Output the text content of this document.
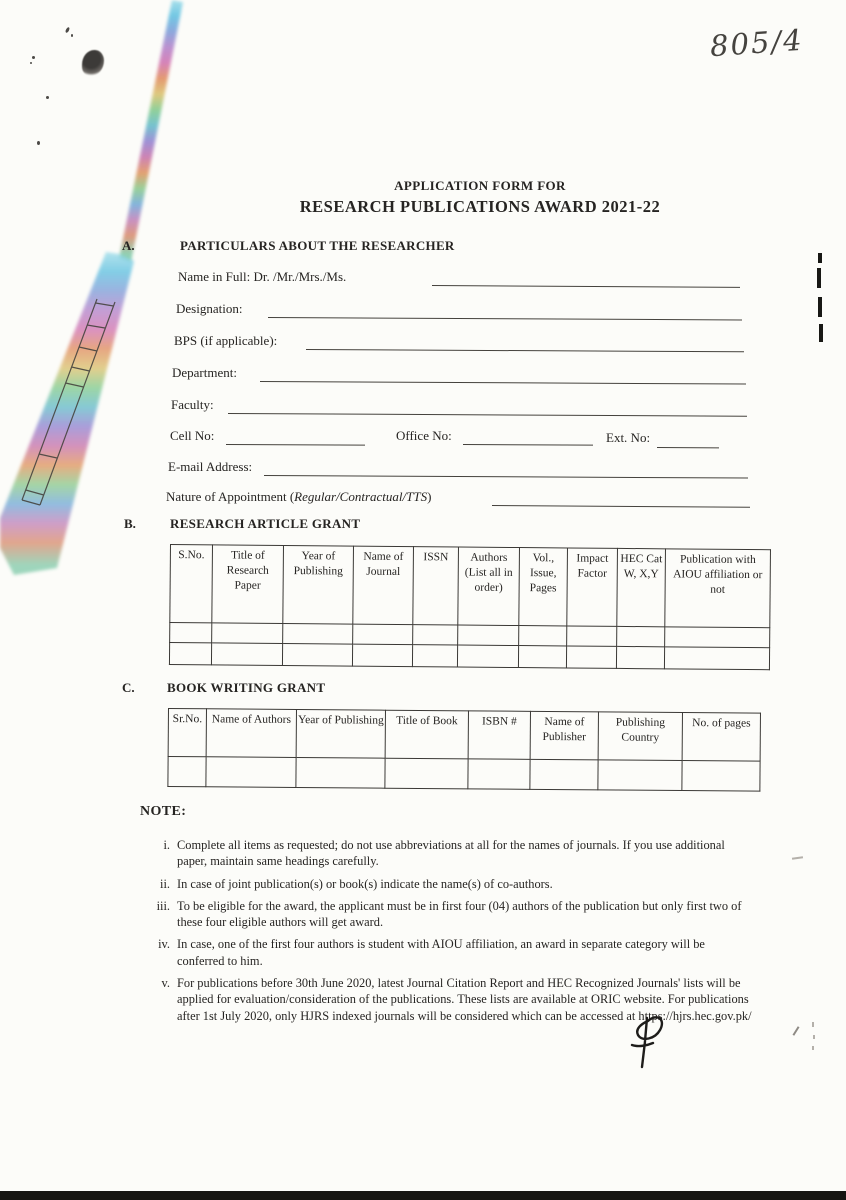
805/4
APPLICATION FORM FOR
RESEARCH PUBLICATIONS AWARD 2021-22
A.	PARTICULARS ABOUT THE RESEARCHER
Name in Full: Dr. /Mr./Mrs./Ms.
Designation:
BPS (if applicable):
Department:
Faculty:
Cell No:	Office No:	Ext. No:
E-mail Address:
Nature of Appointment (Regular/Contractual/TTS)
B.	RESEARCH ARTICLE GRANT
S.No.	Title of Research Paper	Year of Publishing	Name of Journal	ISSN	Authors (List all in order)	Vol., Issue, Pages	Impact Factor	HEC Cat W, X,Y	Publication with AIOU affiliation or not

C. BOOK WRITING GRANT
Sr.No.	Name of Authors	Year of Publishing	Title of Book	ISBN #	Name of Publisher	Publishing Country	No. of pages

NOTE:
i. Complete all items as requested; do not use abbreviations at all for the names of journals. If you use additional paper, maintain same headings carefully.
ii. In case of joint publication(s) or book(s) indicate the name(s) of co-authors.
iii. To be eligible for the award, the applicant must be in first four (04) authors of the publication but only first two of these four eligible authors will get award.
iv. In case, one of the first four authors is student with AIOU affiliation, an award in separate category will be conferred to him.
v. For publications before 30th June 2020, latest Journal Citation Report and HEC Recognized Journals' lists will be applied for evaluation/consideration of the publications. These lists are available at ORIC website. For publications after 1st July 2020, only HJRS indexed journals will be considered which can be accessed at https://hjrs.hec.gov.pk/
